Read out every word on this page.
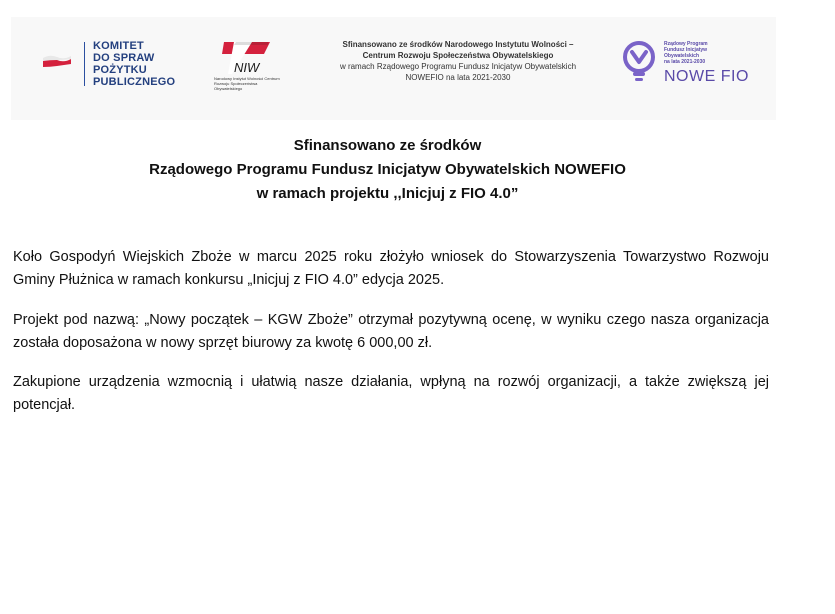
KOMITET
DO SPRAW
POŻYTKU
PUBLICZNEGO
NIW
Narodowy Instytut Wolności Centrum Rozwoju Społeczeństwa Obywatelskiego
Sfinansowano ze środków Narodowego Instytutu Wolności –
Centrum Rozwoju Społeczeństwa Obywatelskiego
w ramach Rządowego Programu Fundusz Inicjatyw Obywatelskich
NOWEFIO na lata 2021-2030
Rządowy Program
Fundusz Inicjatyw
Obywatelskich
na lata 2021-2030
NOWE FIO
Sfinansowano ze środków
Rządowego Programu Fundusz Inicjatyw Obywatelskich NOWEFIO
w ramach projektu ,,Inicjuj z FIO 4.0”
Koło Gospodyń Wiejskich Zboże w marcu 2025 roku złożyło wniosek do Stowarzyszenia Towarzystwo Rozwoju Gminy Płużnica w ramach konkursu „Inicjuj z FIO 4.0” edycja 2025.
Projekt pod nazwą: „Nowy początek – KGW Zboże” otrzymał pozytywną ocenę, w wyniku czego nasza organizacja została doposażona w nowy sprzęt biurowy za kwotę 6 000,00 zł.
Zakupione urządzenia wzmocnią i ułatwią nasze działania, wpłyną na rozwój organizacji, a także zwiększą jej potencjał.
